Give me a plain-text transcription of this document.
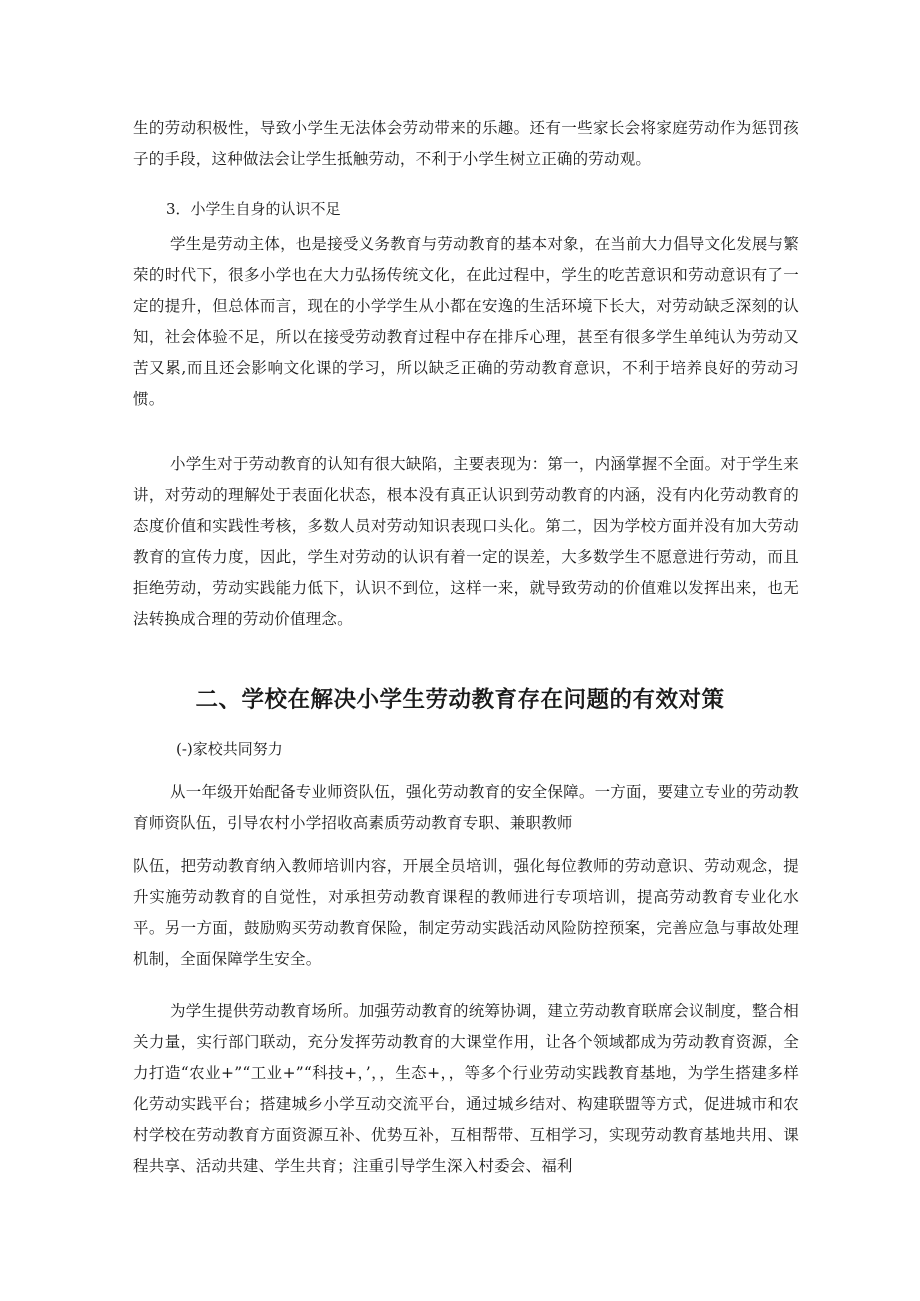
生的劳动积极性，导致小学生无法体会劳动带来的乐趣。还有一些家长会将家庭劳动作为惩罚孩子的手段，这种做法会让学生抵触劳动，不利于小学生树立正确的劳动观。

3．小学生自身的认识不足

学生是劳动主体，也是接受义务教育与劳动教育的基本对象，在当前大力倡导文化发展与繁荣的时代下，很多小学也在大力弘扬传统文化，在此过程中，学生的吃苦意识和劳动意识有了一定的提升，但总体而言，现在的小学学生从小都在安逸的生活环境下长大，对劳动缺乏深刻的认知，社会体验不足，所以在接受劳动教育过程中存在排斥心理，甚至有很多学生单纯认为劳动又苦又累,而且还会影响文化课的学习，所以缺乏正确的劳动教育意识，不利于培养良好的劳动习惯。

小学生对于劳动教育的认知有很大缺陷，主要表现为：第一，内涵掌握不全面。对于学生来讲，对劳动的理解处于表面化状态，根本没有真正认识到劳动教育的内涵，没有内化劳动教育的态度价值和实践性考核，多数人员对劳动知识表现口头化。第二，因为学校方面并没有加大劳动教育的宣传力度，因此，学生对劳动的认识有着一定的误差，大多数学生不愿意进行劳动，而且拒绝劳动，劳动实践能力低下，认识不到位，这样一来，就导致劳动的价值难以发挥出来，也无法转换成合理的劳动价值理念。

二、学校在解决小学生劳动教育存在问题的有效对策

(-)家校共同努力

从一年级开始配备专业师资队伍，强化劳动教育的安全保障。一方面，要建立专业的劳动教育师资队伍，引导农村小学招收高素质劳动教育专职、兼职教师

队伍，把劳动教育纳入教师培训内容，开展全员培训，强化每位教师的劳动意识、劳动观念，提升实施劳动教育的自觉性，对承担劳动教育课程的教师进行专项培训，提高劳动教育专业化水平。另一方面，鼓励购买劳动教育保险，制定劳动实践活动风险防控预案，完善应急与事故处理机制，全面保障学生安全。

为学生提供劳动教育场所。加强劳动教育的统筹协调，建立劳动教育联席会议制度，整合相关力量，实行部门联动，充分发挥劳动教育的大课堂作用，让各个领域都成为劳动教育资源，全力打造“农业+”“工业+”“科技+，’，，生态+，，等多个行业劳动实践教育基地，为学生搭建多样化劳动实践平台；搭建城乡小学互动交流平台，通过城乡结对、构建联盟等方式，促进城市和农村学校在劳动教育方面资源互补、优势互补，互相帮带、互相学习，实现劳动教育基地共用、课程共享、活动共建、学生共育；注重引导学生深入村委会、福利
